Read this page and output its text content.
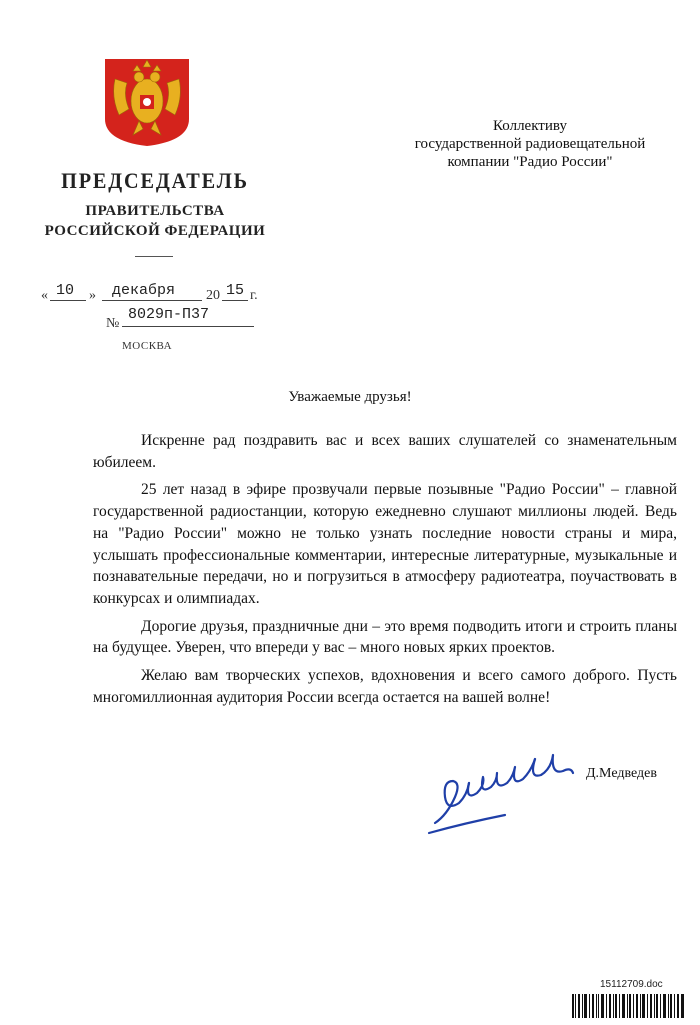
ПРЕДСЕДАТЕЛЬ
ПРАВИТЕЛЬСТВА
РОССИЙСКОЙ ФЕДЕРАЦИИ
« 10 » декабря 20 15 г.
№
8029п-П37
МОСКВА
Коллективу
государственной радиовещательной
компании "Радио России"
Уважаемые друзья!

Искренне рад поздравить вас и всех ваших слушателей со знаменательным юбилеем.

25 лет назад в эфире прозвучали первые позывные "Радио России" – главной государственной радиостанции, которую ежедневно слушают миллионы людей. Ведь на "Радио России" можно не только узнать последние новости страны и мира, услышать профессиональные комментарии, интересные литературные, музыкальные и познавательные передачи, но и погрузиться в атмосферу радиотеатра, поучаствовать в конкурсах и олимпиадах.

Дорогие друзья, праздничные дни – это время подводить итоги и строить планы на будущее. Уверен, что впереди у вас – много новых ярких проектов.

Желаю вам творческих успехов, вдохновения и всего самого доброго. Пусть многомиллионная аудитория России всегда остается на вашей волне!

Д.Медведев
15112709.doc
